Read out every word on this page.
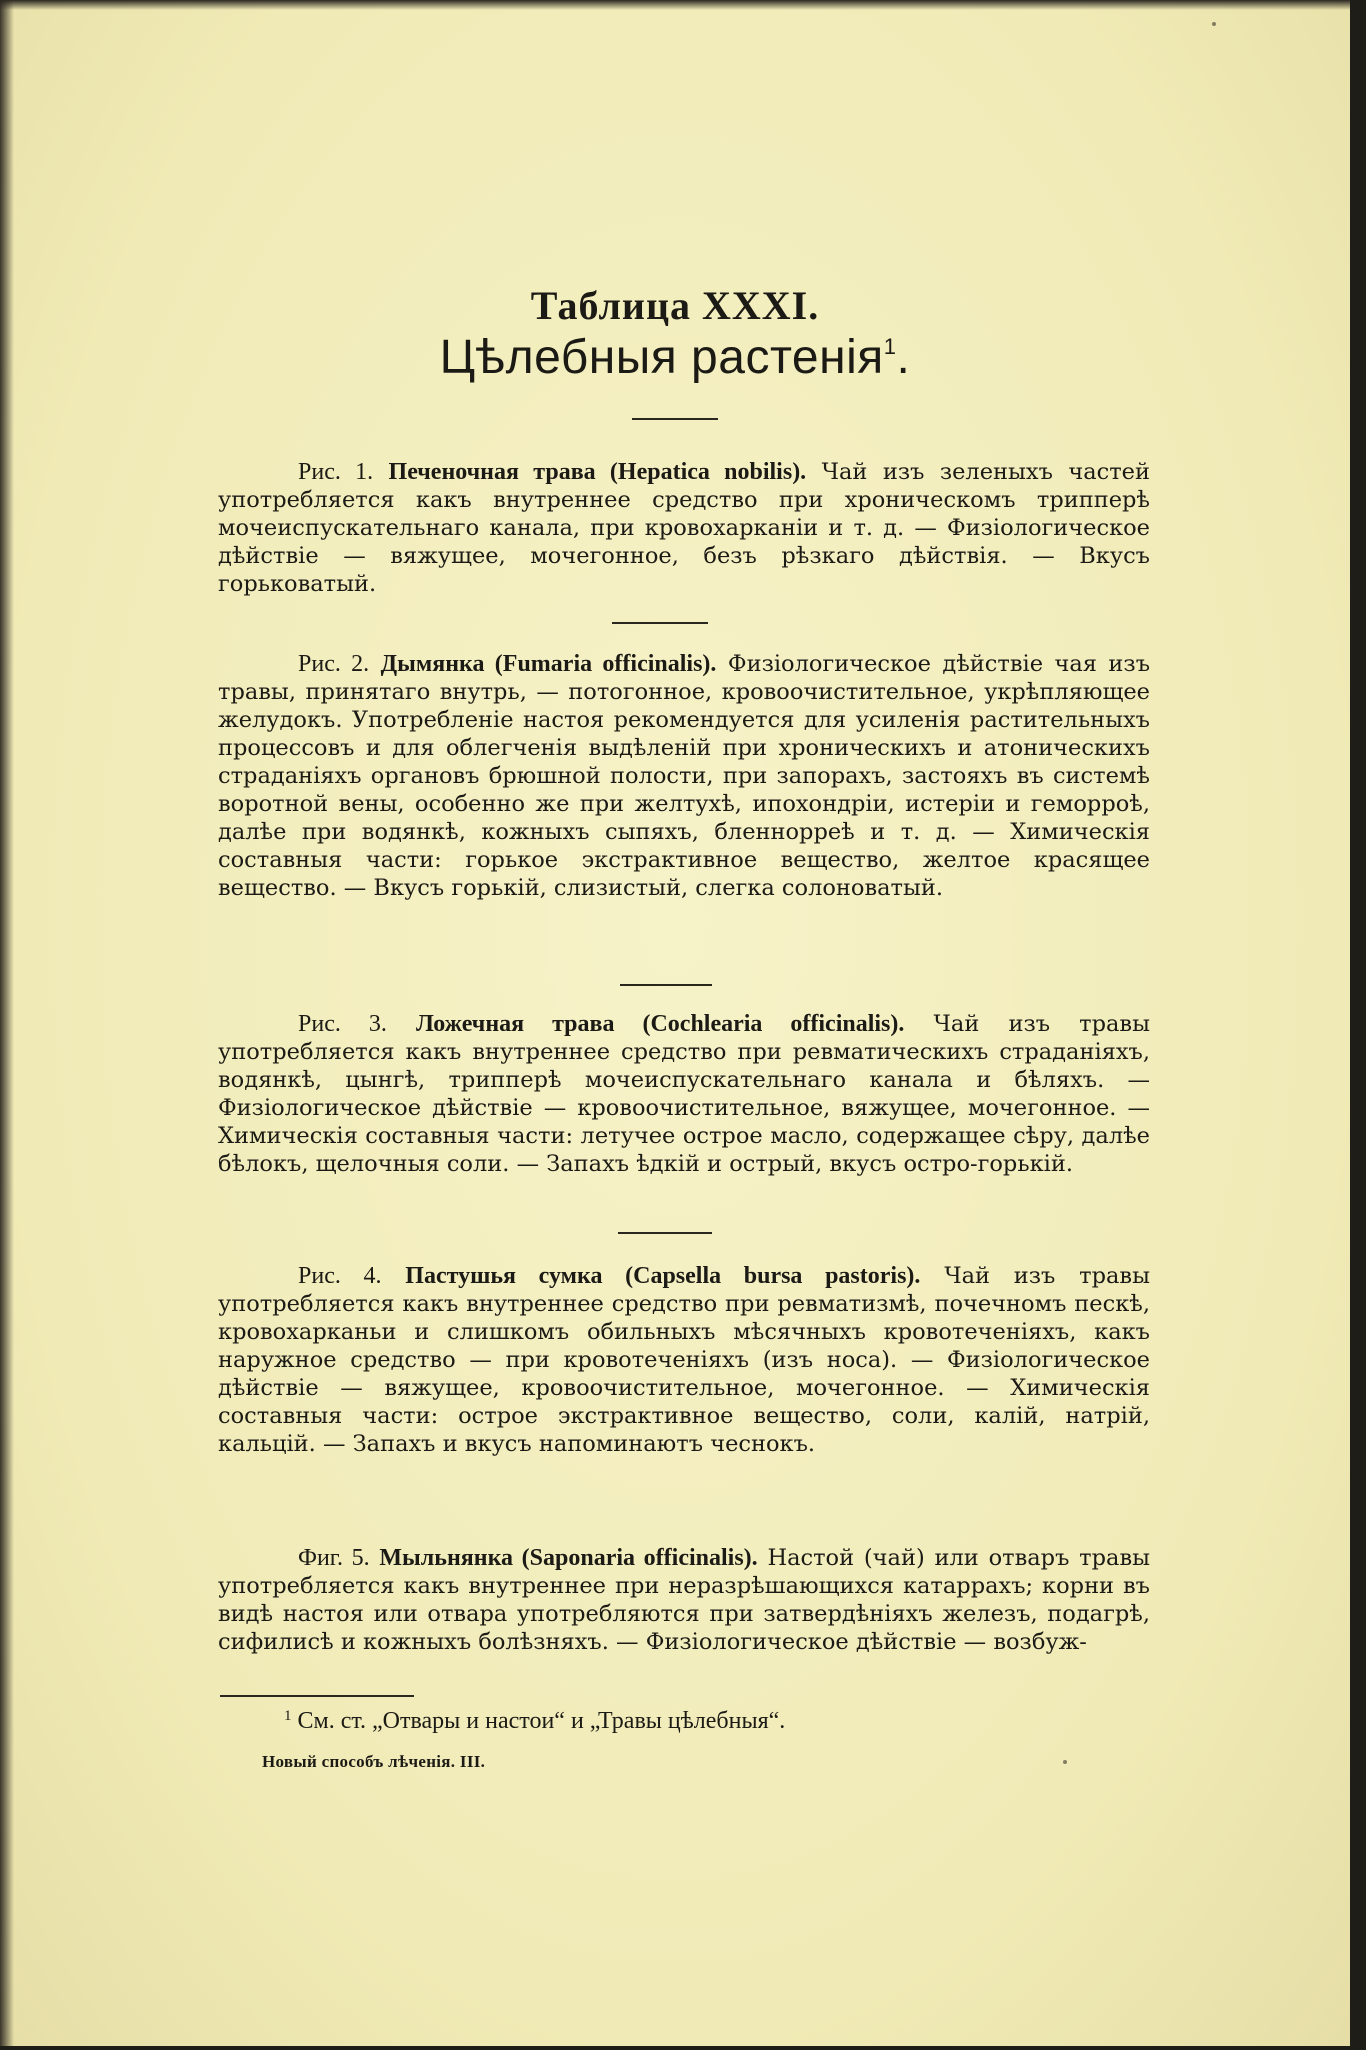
Таблица XXXI.
Цѣлебныя растенія$^1$.

Рис. 1. Печеночная трава (Hepatica nobilis). Чай изъ зеленыхъ частей употребляется какъ внутреннее средство при хроническомъ трипперѣ мочеиспускательнаго канала, при кровохарканіи и т. д. — Физіологическое дѣйствіе — вяжущее, мочегонное, безъ рѣзкаго дѣйствія. — Вкусъ горьковатый.

Рис. 2. Дымянка (Fumaria officinalis). Физіологическое дѣйствіе чая изъ травы, принятаго внутрь, — потогонное, кровоочистительное, укрѣпляющее желудокъ. Употребленіе настоя рекомендуется для усиленія растительныхъ процессовъ и для облегченія выдѣленій при хроническихъ и атоническихъ страданіяхъ органовъ брюшной полости, при запорахъ, застояхъ въ системѣ воротной вены, особенно же при желтухѣ, ипохондріи, истеріи и геморроѣ, далѣе при водянкѣ, кожныхъ сыпяхъ, бленнорреѣ и т. д. — Химическія составныя части: горькое экстрактивное вещество, желтое красящее вещество. — Вкусъ горькій, слизистый, слегка солоноватый.

Рис. 3. Ложечная трава (Cochlearia officinalis). Чай изъ травы употребляется какъ внутреннее средство при ревматическихъ страданіяхъ, водянкѣ, цынгѣ, трипперѣ мочеиспускательнаго канала и бѣляхъ. — Физіологическое дѣйствіе — кровоочистительное, вяжущее, мочегонное. — Химическія составныя части: летучее острое масло, содержащее сѣру, далѣе бѣлокъ, щелочныя соли. — Запахъ ѣдкій и острый, вкусъ остро-горькій.

Рис. 4. Пастушья сумка (Capsella bursa pastoris). Чай изъ травы употребляется какъ внутреннее средство при ревматизмѣ, почечномъ пескѣ, кровохарканьи и слишкомъ обильныхъ мѣсячныхъ кровотеченіяхъ, какъ наружное средство — при кровотеченіяхъ (изъ носа). — Физіологическое дѣйствіе — вяжущее, кровоочистительное, мочегонное. — Химическія составныя части: острое экстрактивное вещество, соли, калій, натрій, кальцій. — Запахъ и вкусъ напоминаютъ чеснокъ.

Фиг. 5. Мыльнянка (Saponaria officinalis). Настой (чай) или отваръ травы употребляется какъ внутреннее при неразрѣшающихся катаррахъ; корни въ видѣ настоя или отвара употребляются при затвердѣніяхъ железъ, подагрѣ, сифилисѣ и кожныхъ болѣзняхъ. — Физіологическое дѣйствіе — возбуж-

$^1$ См. ст. „Отвары и настои“ и „Травы цѣлебныя“.
Новый способъ лѣченія. III.
